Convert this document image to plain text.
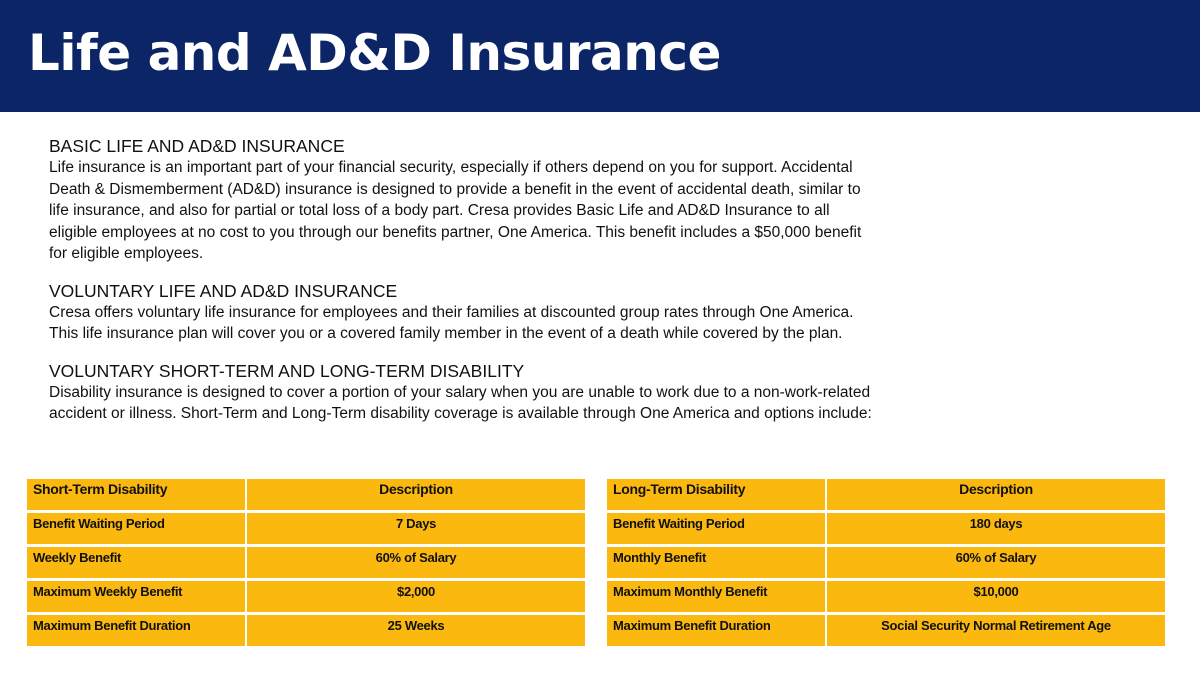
Life and AD&D Insurance
BASIC LIFE AND AD&D INSURANCE

Life insurance is an important part of your financial security, especially if others depend on you for support. Accidental
Death & Dismemberment (AD&D) insurance is designed to provide a benefit in the event of accidental death, similar to
life insurance, and also for partial or total loss of a body part. Cresa provides Basic Life and AD&D Insurance to all
eligible employees at no cost to you through our benefits partner, One America. This benefit includes a $50,000 benefit
for eligible employees.

VOLUNTARY LIFE AND AD&D INSURANCE

Cresa offers voluntary life insurance for employees and their families at discounted group rates through One America.
This life insurance plan will cover you or a covered family member in the event of a death while covered by the plan.

VOLUNTARY SHORT-TERM AND LONG-TERM DISABILITY

Disability insurance is designed to cover a portion of your salary when you are unable to work due to a non-work-related
accident or illness. Short-Term and Long-Term disability coverage is available through One America and options include:

Short-Term Disability	Description
Benefit Waiting Period	7 Days
Weekly Benefit	60% of Salary
Maximum Weekly Benefit	$2,000
Maximum Benefit Duration	25 Weeks
Long-Term Disability	Description
Benefit Waiting Period	180 days
Monthly Benefit	60% of Salary
Maximum Monthly Benefit	$10,000
Maximum Benefit Duration	Social Security Normal Retirement Age
